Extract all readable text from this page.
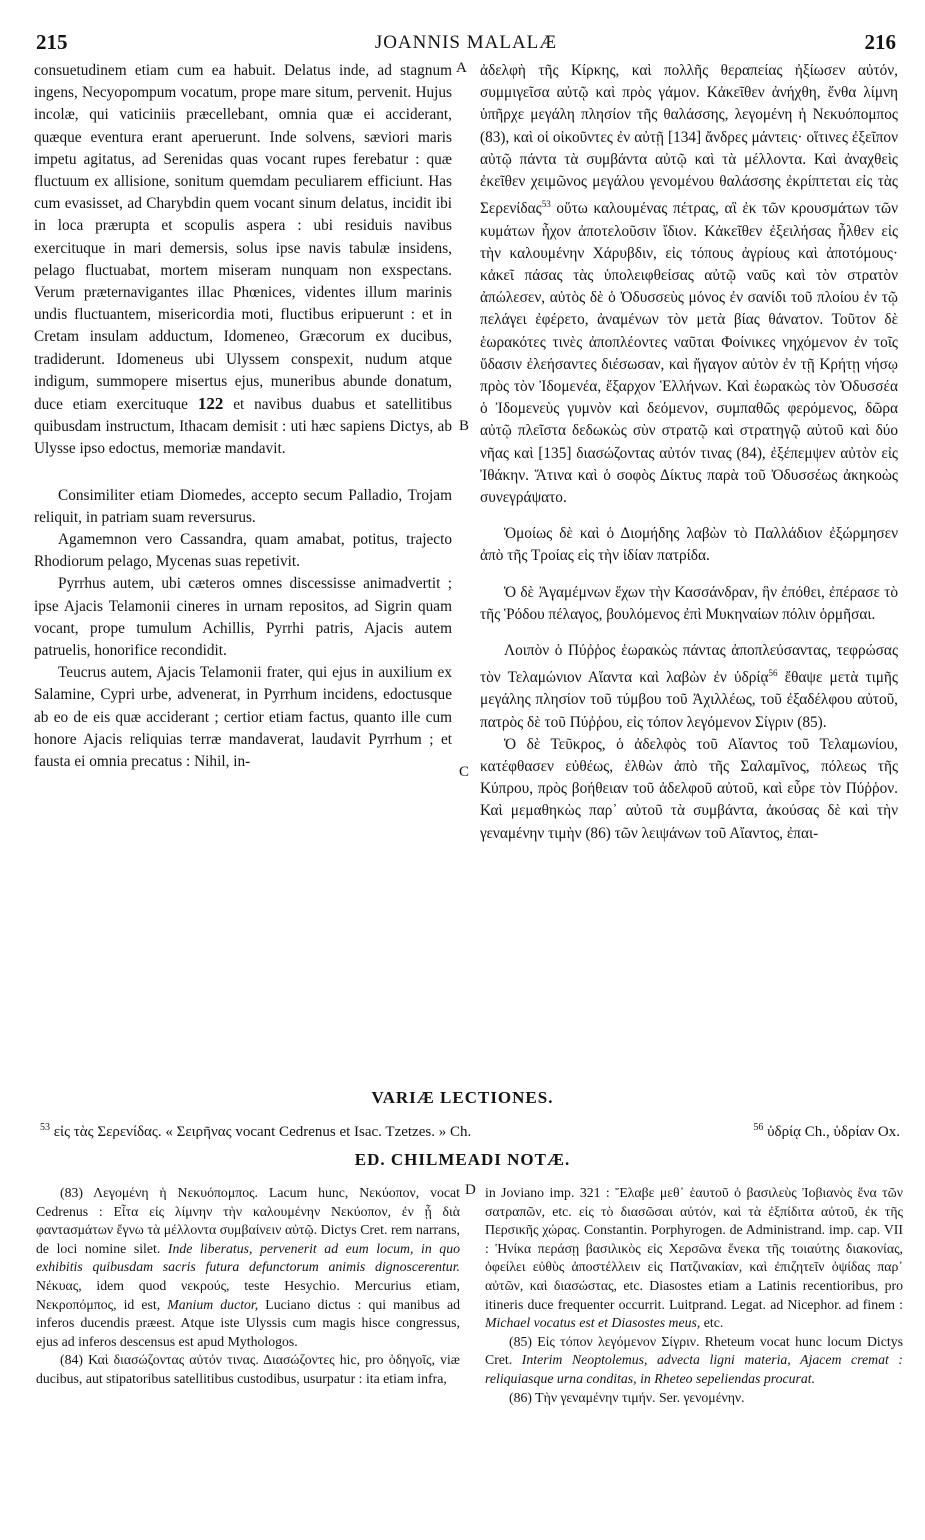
215	JOANNIS MALALÆ	216

consuetudinem etiam cum ea habuit. Delatus inde, ad stagnum ingens, Necyopompum vocatum, prope mare situm, pervenit. Hujus incolæ, qui vaticiniis præcellebant, omnia quæ ei acciderant, quæque eventura erant aperuerunt. Inde solvens, sæviori maris impetu agitatus, ad Serenidas quas vocant rupes ferebatur : quæ fluctuum ex allisione, sonitum quemdam peculiarem efficiunt. Has cum evasisset, ad Charybdin quem vocant sinum delatus, incidit ibi in loca prærupta et scopulis aspera : ubi residuis navibus exercituque in mari demersis, solus ipse navis tabulæ insidens, pelago fluctuabat, mortem miseram nunquam non exspectans. Verum præternavigantes illac Phœnices, videntes illum marinis undis fluctuantem, misericordia moti, fluctibus eripuerunt : et in Cretam insulam adductum, Idomeneo, Græcorum ex ducibus, tradiderunt. Idomeneus ubi Ulyssem conspexit, nudum atque indigum, summopere misertus ejus, muneribus abunde donatum, duce etiam exercituque 122 et navibus duabus et satellitibus quibusdam instructum, Ithacam demisit : uti hæc sapiens Dictys, ab Ulysse ipso edoctus, memoriæ mandavit.

Consimiliter etiam Diomedes, accepto secum Palladio, Trojam reliquit, in patriam suam reversurus.

Agamemnon vero Cassandra, quam amabat, potitus, trajecto Rhodiorum pelago, Mycenas suas repetivit.

Pyrrhus autem, ubi cæteros omnes discessisse animadvertit ; ipse Ajacis Telamonii cineres in urnam repositos, ad Sigrin quam vocant, prope tumulum Achillis, Pyrrhi patris, Ajacis autem patruelis, honorifice recondidit.

Teucrus autem, Ajacis Telamonii frater, qui ejus in auxilium ex Salamine, Cypri urbe, advenerat, in Pyrrhum incidens, edoctusque ab eo de eis quæ acciderant ; certior etiam factus, quanto ille cum honore Ajacis reliquias terræ mandaverat, laudavit Pyrrhum ; et fausta ei omnia precatus : Nihil, in-

A
B
C
D

ἀδελφὴ τῆς Κίρκης, καὶ πολλῆς θεραπείας ἠξίωσεν αὐτόν, συμμιγεῖσα αὐτῷ καὶ πρὸς γάμον. Κἀκεῖθεν ἀνήχθη, ἔνθα λίμνη ὑπῆρχε μεγάλη πλησίον τῆς θαλάσσης, λεγομένη ἡ Νεκυόπομπος (83), καὶ οἱ οἰκοῦντες ἐν αὐτῇ [134] ἄνδρες μάντεις· οἵτινες ἐξεῖπον αὐτῷ πάντα τὰ συμβάντα αὐτῷ καὶ τὰ μέλλοντα. Καὶ ἀναχθεὶς ἐκεῖθεν χειμῶνος μεγάλου γενομένου θαλάσσης ἐκρίπτεται εἰς τὰς Σερενίδας$^{53}$ οὕτω καλουμένας πέτρας, αἳ ἐκ τῶν κρουσμάτων τῶν κυμάτων ἦχον ἀποτελοῦσιν ἴδιον. Κἀκεῖθεν ἐξειλήσας ἦλθεν εἰς τὴν καλουμένην Χάρυβδιν, εἰς τόπους ἀγρίους καὶ ἀποτόμους· κἀκεῖ πάσας τὰς ὑπολειφθείσας αὐτῷ ναῦς καὶ τὸν στρατὸν ἀπώλεσεν, αὐτὸς δὲ ὁ Ὀδυσσεὺς μόνος ἐν σανίδι τοῦ πλοίου ἐν τῷ πελάγει ἐφέρετο, ἀναμένων τὸν μετὰ βίας θάνατον. Τοῦτον δὲ ἑωρακότες τινὲς ἀποπλέοντες ναῦται Φοίνικες νηχόμενον ἐν τοῖς ὕδασιν ἐλεήσαντες διέσωσαν, καὶ ἤγαγον αὐτὸν ἐν τῇ Κρήτῃ νήσῳ πρὸς τὸν Ἰδομενέα, ἔξαρχον Ἑλλήνων. Καὶ ἑωρακὼς τὸν Ὀδυσσέα ὁ Ἰδομενεὺς γυμνὸν καὶ δεόμενον, συμπαθῶς φερόμενος, δῶρα αὐτῷ πλεῖστα δεδωκὼς σὺν στρατῷ καὶ στρατηγῷ αὐτοῦ καὶ δύο νῆας καὶ [135] διασώζοντας αὐτόν τινας (84), ἐξέπεμψεν αὐτὸν εἰς Ἰθάκην. Ἅτινα καὶ ὁ σοφὸς Δίκτυς παρὰ τοῦ Ὀδυσσέως ἀκηκοὼς συνεγράψατο.

Ὁμοίως δὲ καὶ ὁ Διομήδης λαβὼν τὸ Παλλάδιον ἐξώρμησεν ἀπὸ τῆς Τροίας εἰς τὴν ἰδίαν πατρίδα.

Ὁ δὲ Ἀγαμέμνων ἔχων τὴν Κασσάνδραν, ἣν ἐπόθει, ἐπέρασε τὸ τῆς Ῥόδου πέλαγος, βουλόμενος ἐπὶ Μυκηναίων πόλιν ὁρμῆσαι.

Λοιπὸν ὁ Πύῤῥος ἑωρακὼς πάντας ἀποπλεύσαντας, τεφρώσας τὸν Τελαμώνιον Αἴαντα καὶ λαβὼν ἐν ὑδρίᾳ$^{56}$ ἔθαψε μετὰ τιμῆς μεγάλης πλησίον τοῦ τύμβου τοῦ Ἀχιλλέως, τοῦ ἐξαδέλφου αὐτοῦ, πατρὸς δὲ τοῦ Πύῤῥου, εἰς τόπον λεγόμενον Σίγριν (85).

Ὁ δὲ Τεῦκρος, ὁ ἀδελφὸς τοῦ Αἴαντος τοῦ Τελαμωνίου, κατέφθασεν εὐθέως, ἐλθὼν ἀπὸ τῆς Σαλαμῖνος, πόλεως τῆς Κύπρου, πρὸς βοήθειαν τοῦ ἀδελφοῦ αὐτοῦ, καὶ εὗρε τὸν Πύῤῥον. Καὶ μεμαθηκὼς παρ᾽ αὐτοῦ τὰ συμβάντα, ἀκούσας δὲ καὶ τὴν γεναμένην τιμὴν (86) τῶν λειψάνων τοῦ Αἴαντος, ἐπαι-

VARIÆ LECTIONES.
$^{53}$ εἰς τὰς Σερενίδας. « Σειρῆνας vocant Cedrenus et Isac. Tzetzes. » Ch.	$^{56}$ ὑδρίᾳ Ch., ὑδρίαν Ox.
ED. CHILMEADI NOTÆ.

(83) Λεγομένη ἡ Νεκυόπομπος. Lacum hunc, Νεκύοπον, vocat Cedrenus : Εἶτα εἰς λίμνην τὴν καλουμένην Νεκύοπον, ἐν ᾗ διὰ φαντασμάτων ἔγνω τὰ μέλλοντα συμβαίνειν αὐτῷ. Dictys Cret. rem narrans, de loci nomine silet. Inde liberatus, pervenerit ad eum locum, in quo exhibitis quibusdam sacris futura defunctorum animis dignoscerentur. Νέκυας, idem quod νεκρούς, teste Hesychio. Mercurius etiam, Νεκροπόμπος, id est, Manium ductor, Luciano dictus : qui manibus ad inferos ducendis præest. Atque iste Ulyssis cum magis hisce congressus, ejus ad inferos descensus est apud Mythologos.

(84) Καὶ διασώζοντας αὐτόν τινας. Διασώζοντες hic, pro ὁδηγοῖς, viæ ducibus, aut stipatoribus satellitibus custodibus, usurpatur : ita etiam infra,

in Joviano imp. 321 : Ἔλαβε μεθ᾽ ἑαυτοῦ ὁ βασιλεὺς Ἰοβιανὸς ἕνα τῶν σατραπῶν, etc. εἰς τὸ διασῶσαι αὐτόν, καὶ τὰ ἐξπίδιτα αὐτοῦ, ἐκ τῆς Περσικῆς χώρας. Constantin. Porphyrogen. de Administrand. imp. cap. VII : Ἡνίκα περάσῃ βασιλικὸς εἰς Χερσῶνα ἕνεκα τῆς τοιαύτης διακονίας, ὀφείλει εὐθὺς ἀποστέλλειν εἰς Πατζινακίαν, καὶ ἐπιζητεῖν ὀψίδας παρ᾽ αὐτῶν, καὶ διασώστας, etc. Diasostes etiam a Latinis recentioribus, pro itineris duce frequenter occurrit. Luitprand. Legat. ad Nicephor. ad finem : Michael vocatus est et Diasostes meus, etc.

(85) Εἰς τόπον λεγόμενον Σίγριν. Rheteum vocat hunc locum Dictys Cret. Interim Neoptolemus, advecta ligni materia, Ajacem cremat : reliquiasque urna conditas, in Rheteo sepeliendas procurat.

(86) Τὴν γεναμένην τιμήν. Ser. γενομένην.
